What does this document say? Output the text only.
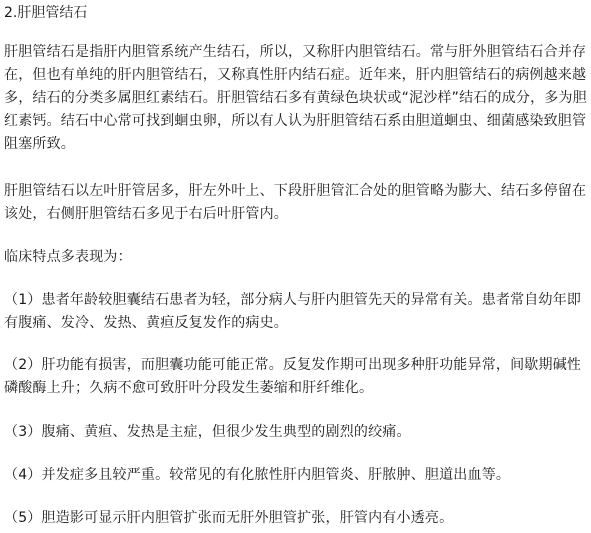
2.肝胆管结石

肝胆管结石是指肝内胆管系统产生结石，所以，又称肝内胆管结石。常与肝外胆管结石合并存在，但也有单纯的肝内胆管结石，又称真性肝内结石症。近年来，肝内胆管结石的病例越来越多，结石的分类多属胆红素结石。肝胆管结石多有黄绿色块状或“泥沙样”结石的成分，多为胆红素钙。结石中心常可找到蛔虫卵，所以有人认为肝胆管结石系由胆道蛔虫、细菌感染致胆管阻塞所致。

肝胆管结石以左叶肝管居多，肝左外叶上、下段肝胆管汇合处的胆管略为膨大、结石多停留在该处，右侧肝胆管结石多见于右后叶肝管内。

临床特点多表现为：

（1）患者年龄较胆囊结石患者为轻，部分病人与肝内胆管先天的异常有关。患者常自幼年即有腹痛、发冷、发热、黄疸反复发作的病史。

（2）肝功能有损害，而胆囊功能可能正常。反复发作期可出现多种肝功能异常，间歇期碱性磷酸酶上升；久病不愈可致肝叶分段发生萎缩和肝纤维化。

（3）腹痛、黄疸、发热是主症，但很少发生典型的剧烈的绞痛。

（4）并发症多且较严重。较常见的有化脓性肝内胆管炎、肝脓肿、胆道出血等。

（5）胆造影可显示肝内胆管扩张而无肝外胆管扩张，肝管内有小透亮。
